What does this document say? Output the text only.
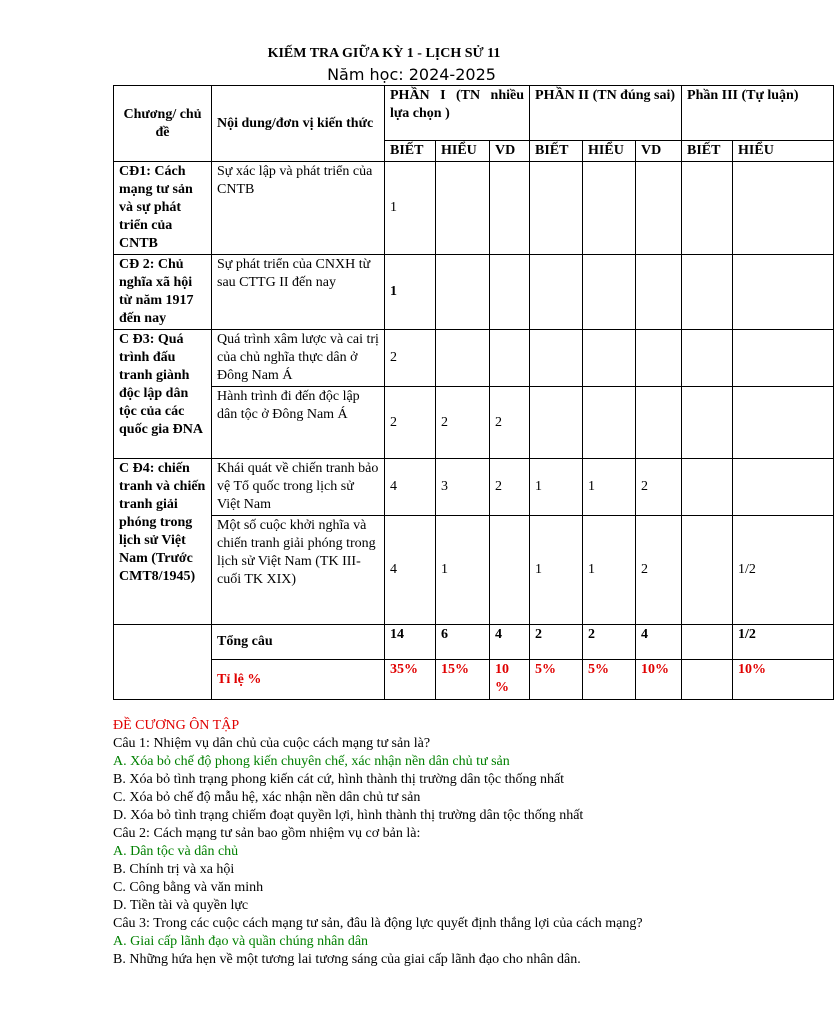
KIẾM TRA GIỮA KỲ 1 - LỊCH SỬ 11
Năm học: 2024-2025
Chương/ chủ đề	Nội dung/đơn vị kiến thức	PHẦN I (TN nhiều lựa chọn )			PHẦN II (TN đúng sai)			Phần III (Tự luận)	
		BIẾT	HIỂU	VD	BIẾT	HIỂU	VD	BIẾT	HIỂU
CĐ1: Cách mạng tư sản và sự phát triển của CNTB	Sự xác lập và phát triển của CNTB	1							
CĐ 2: Chủ nghĩa xã hội từ năm 1917 đến nay	Sự phát triển của CNXH từ sau CTTG II đến nay	1							
C Đ3: Quá trình đấu tranh giành độc lập dân tộc của các quốc gia ĐNA	Quá trình xâm lược và cai trị của chủ nghĩa thực dân ở Đông Nam Á	2							
	Hành trình đi đến độc lập dân tộc ở Đông Nam Á	2	2	2					
C Đ4: chiến tranh và chiến tranh giải phóng trong lịch sử Việt Nam (Trước CMT8/1945)	Khái quát về chiến tranh bảo vệ Tổ quốc trong lịch sử Việt Nam	4	3	2	1	1	2		
	Một số cuộc khởi nghĩa và chiến tranh giải phóng trong lịch sử Việt Nam (TK III- cuối TK XIX)	4	1		1	1	2		1/2
	Tổng câu	14	6	4	2	2	4		1/2
	Tỉ lệ %	35%	15%	10 %	5%	5%	10%		10%
ĐỀ CƯƠNG ÔN TẬP
Câu 1: Nhiệm vụ dân chủ của cuộc cách mạng tư sản là?
A. Xóa bỏ chế độ phong kiến chuyên chế, xác nhận nền dân chủ tư sản
B. Xóa bỏ tình trạng phong kiến cát cứ, hình thành thị trường dân tộc thống nhất
C. Xóa bỏ chế độ mẫu hệ, xác nhận nền dân chủ tư sản
D. Xóa bỏ tình trạng chiếm đoạt quyền lợi, hình thành thị trường dân tộc thống nhất
Câu 2: Cách mạng tư sản bao gồm nhiệm vụ cơ bản là:
A. Dân tộc và dân chủ
B. Chính trị và xa hội
C. Công bằng và văn minh
D. Tiền tài và quyền lực
Câu 3: Trong các cuộc cách mạng tư sản, đâu là động lực quyết định thắng lợi của cách mạng?
A. Giai cấp lãnh đạo và quần chúng nhân dân
B. Những hứa hẹn về một tương lai tương sáng của giai cấp lãnh đạo cho nhân dân.
